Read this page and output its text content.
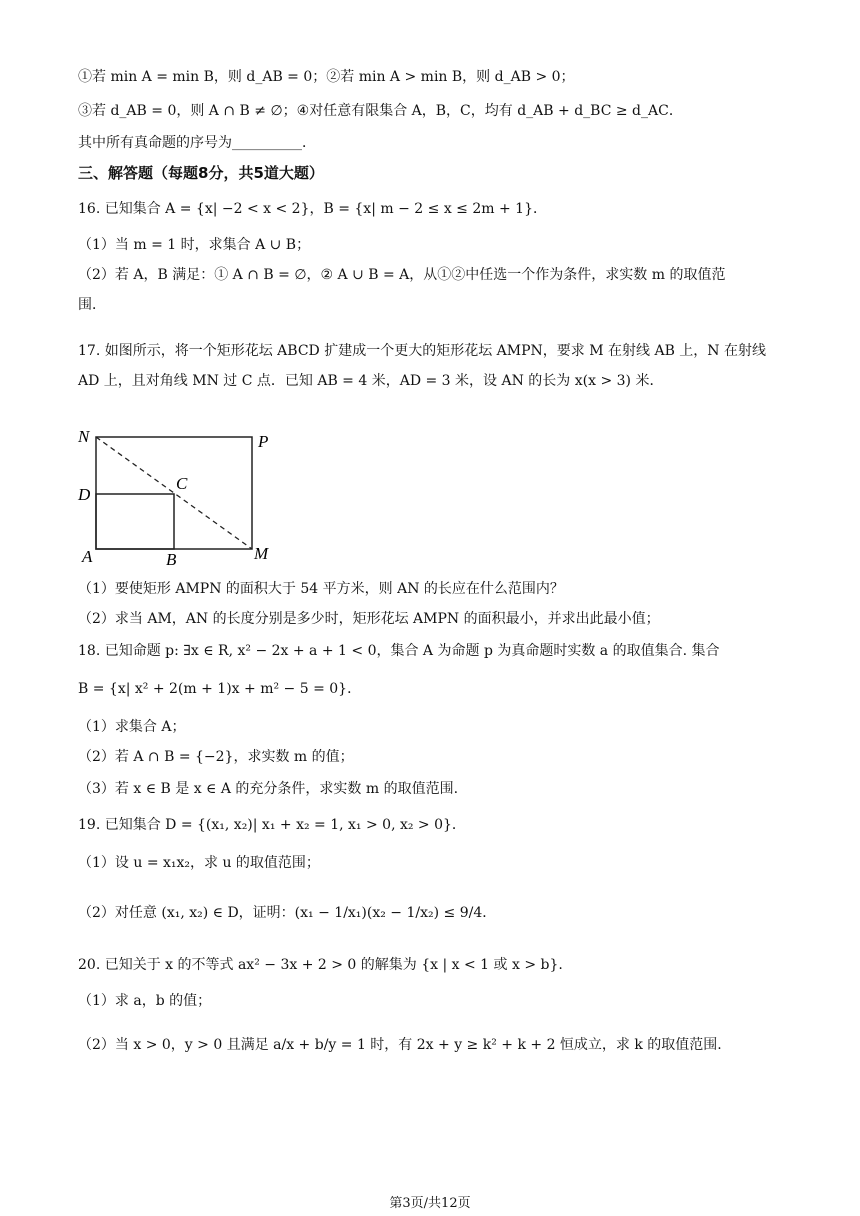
①若 min A = min B，则 d_AB = 0；②若 min A > min B，则 d_AB > 0；
③若 d_AB = 0，则 A ∩ B ≠ ∅；④对任意有限集合 A，B，C，均有 d_AB + d_BC ≥ d_AC．
其中所有真命题的序号为__________．
三、解答题（每题8分，共5道大题）
16. 已知集合 A = {x| −2 < x < 2}，B = {x| m − 2 ≤ x ≤ 2m + 1}．
（1）当 m = 1 时，求集合 A ∪ B；
（2）若 A，B 满足：① A ∩ B = ∅，② A ∪ B = A，从①②中任选一个作为条件，求实数 m 的取值范
围．
17. 如图所示，将一个矩形花坛 ABCD 扩建成一个更大的矩形花坛 AMPN，要求 M 在射线 AB 上，N 在射线
AD 上，且对角线 MN 过 C 点．已知 AB = 4 米，AD = 3 米，设 AN 的长为 x(x > 3) 米．
N	P
D
C
A	B	M
（1）要使矩形 AMPN 的面积大于 54 平方米，则 AN 的长应在什么范围内？
（2）求当 AM，AN 的长度分别是多少时，矩形花坛 AMPN 的面积最小，并求出此最小值；
18. 已知命题 p: ∃x ∈ R, x² − 2x + a + 1 < 0，集合 A 为命题 p 为真命题时实数 a 的取值集合. 集合
B = {x| x² + 2(m + 1)x + m² − 5 = 0}．
（1）求集合 A；
（2）若 A ∩ B = {−2}，求实数 m 的值；
（3）若 x ∈ B 是 x ∈ A 的充分条件，求实数 m 的取值范围.
19. 已知集合 D = {(x₁, x₂)| x₁ + x₂ = 1, x₁ > 0, x₂ > 0}．
（1）设 u = x₁x₂，求 u 的取值范围；
（2）对任意 (x₁, x₂) ∈ D，证明：(x₁ − 1/x₁)(x₂ − 1/x₂) ≤ 9/4．
20. 已知关于 x 的不等式 ax² − 3x + 2 > 0 的解集为 {x | x < 1 或 x > b}.
（1）求 a，b 的值；
（2）当 x > 0，y > 0 且满足 a/x + b/y = 1 时，有 2x + y ≥ k² + k + 2 恒成立，求 k 的取值范围.
第3页/共12页
